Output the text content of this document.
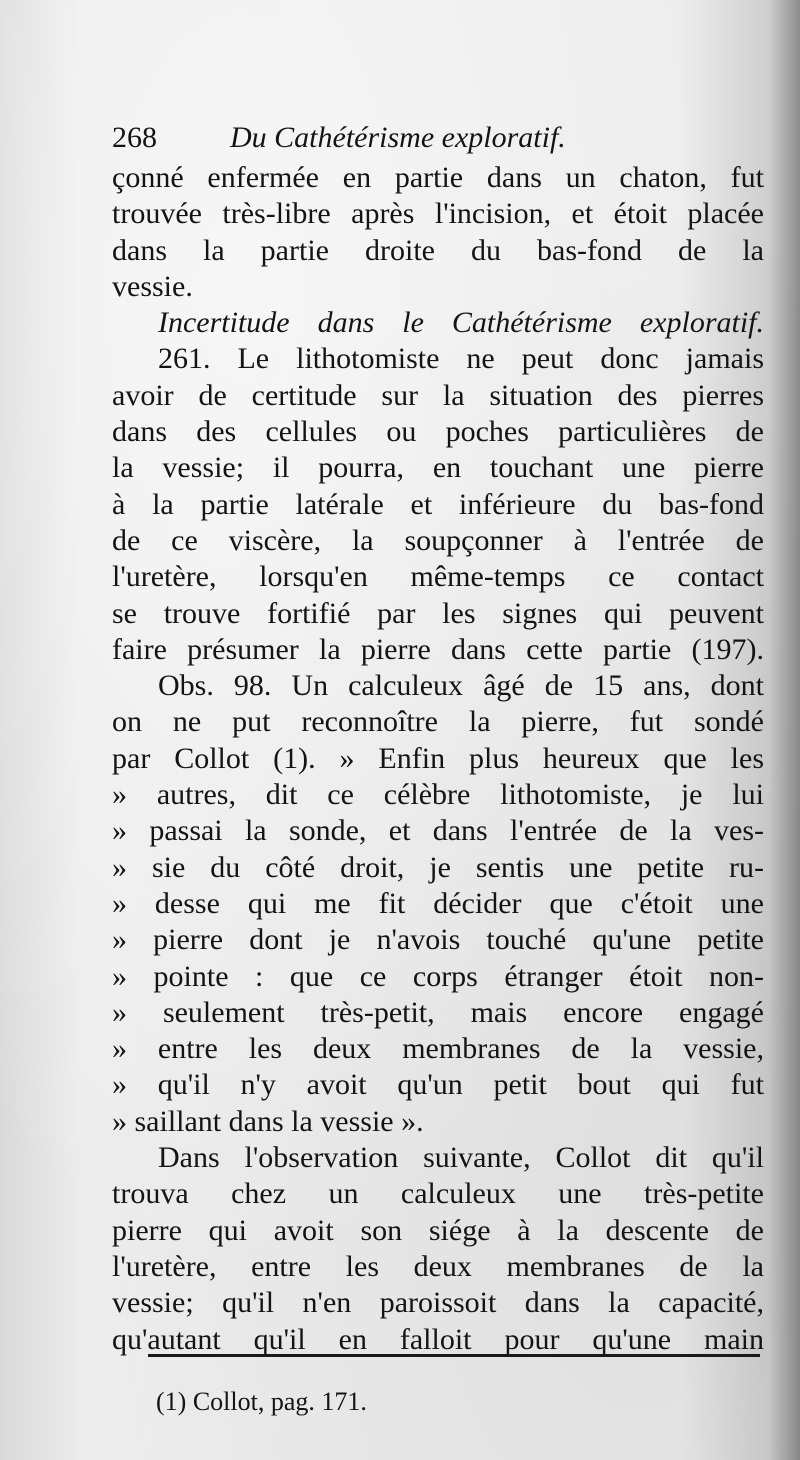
268 Du Cathétérisme exploratif.
çonné enfermée en partie dans un chaton, fut
trouvée très-libre après l'incision, et étoit placée
dans la partie droite du bas-fond de la
vessie.
Incertitude dans le Cathétérisme exploratif.
261. Le lithotomiste ne peut donc jamais
avoir de certitude sur la situation des pierres
dans des cellules ou poches particulières de
la vessie; il pourra, en touchant une pierre
à la partie latérale et inférieure du bas-fond
de ce viscère, la soupçonner à l'entrée de
l'uretère, lorsqu'en même-temps ce contact
se trouve fortifié par les signes qui peuvent
faire présumer la pierre dans cette partie (197).
Obs. 98. Un calculeux âgé de 15 ans, dont
on ne put reconnoître la pierre, fut sondé
par Collot (1). » Enfin plus heureux que les
» autres, dit ce célèbre lithotomiste, je lui
» passai la sonde, et dans l'entrée de la ves-
» sie du côté droit, je sentis une petite ru-
» desse qui me fit décider que c'étoit une
» pierre dont je n'avois touché qu'une petite
» pointe : que ce corps étranger étoit non-
» seulement très-petit, mais encore engagé
» entre les deux membranes de la vessie,
» qu'il n'y avoit qu'un petit bout qui fut
» saillant dans la vessie ».
Dans l'observation suivante, Collot dit qu'il
trouva chez un calculeux une très-petite
pierre qui avoit son siége à la descente de
l'uretère, entre les deux membranes de la
vessie; qu'il n'en paroissoit dans la capacité,
qu'autant qu'il en falloit pour qu'une main
(1) Collot, pag. 171.
